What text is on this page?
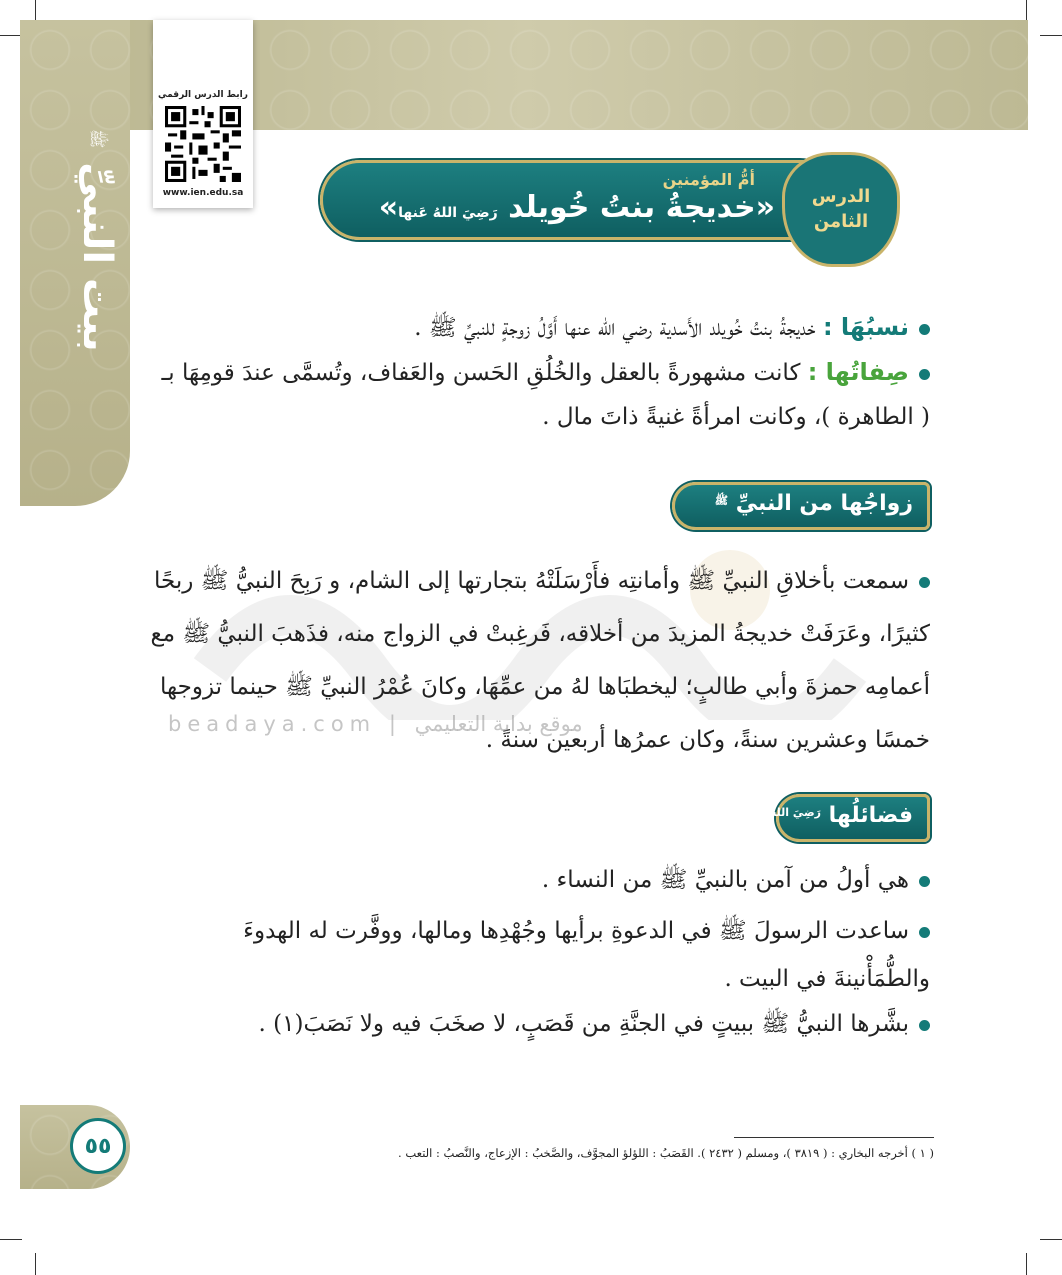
بيت النبيِّ ﷺ
رابط الدرس الرقمي
www.ien.edu.sa
أمُّ المؤمنين
«خديجةُ بنتُ خُويلد رَضِيَ اللهُ عَنها»	الدرس
الثامن
نسبُهَا : خديجةُ بنتُ خُويلد الأَسدية رضي الله عنها أَوَّلُ زوجةٍ للنبيِّ ﷺ .
صِفاتُها : كانت مشهورةً بالعقل والخُلُقِ الحَسن والعَفاف، وتُسمَّى عندَ قومِهَا بـ ( الطاهرة )، وكانت امرأةً غنيةً ذاتَ مال .
زواجُها من النبيِّ $^ﷺ$
سمعت بأخلاقِ النبيِّ ﷺ وأمانتِه فأَرْسَلَتْهُ بتجارتها إلى الشام، و رَبِحَ النبيُّ ﷺ ربحًا كثيرًا، وعَرَفَتْ خديجةُ المزيدَ من أخلاقه، فَرغِبتْ في الزواج منه، فذَهبَ النبيُّ ﷺ مع أعمامِه حمزةَ وأبي طالبٍ؛ ليخطبَاها لهُ من عمِّهَا، وكانَ عُمْرُ النبيِّ ﷺ حينما تزوجها خمسًا وعشرين سنةً، وكان عمرُها أربعين سنةً .
beadaya.com | موقع بداية التعليمي
فضائلُها $^{رَضِيَ اللهُ عَنها}$
هي أولُ من آمن بالنبيِّ ﷺ من النساء .
ساعدت الرسولَ ﷺ في الدعوةِ برأيها وجُهْدِها ومالها، ووفَّرت له الهدوءَ والطُّمَأْنينةَ في البيت .
بشَّرها النبيُّ ﷺ ببيتٍ في الجنَّةِ من قَصَبٍ، لا صخَبَ فيه ولا نَصَبَ(١) .
٥٥	( ١ ) أخرجه البخاري : ( ٣٨١٩ )، ومسلم ( ٢٤٣٢ ). القَصَبُ : اللؤلؤ المجوَّف، والصَّخبُ : الإزعاج، والنَّصبُ : التعب .
